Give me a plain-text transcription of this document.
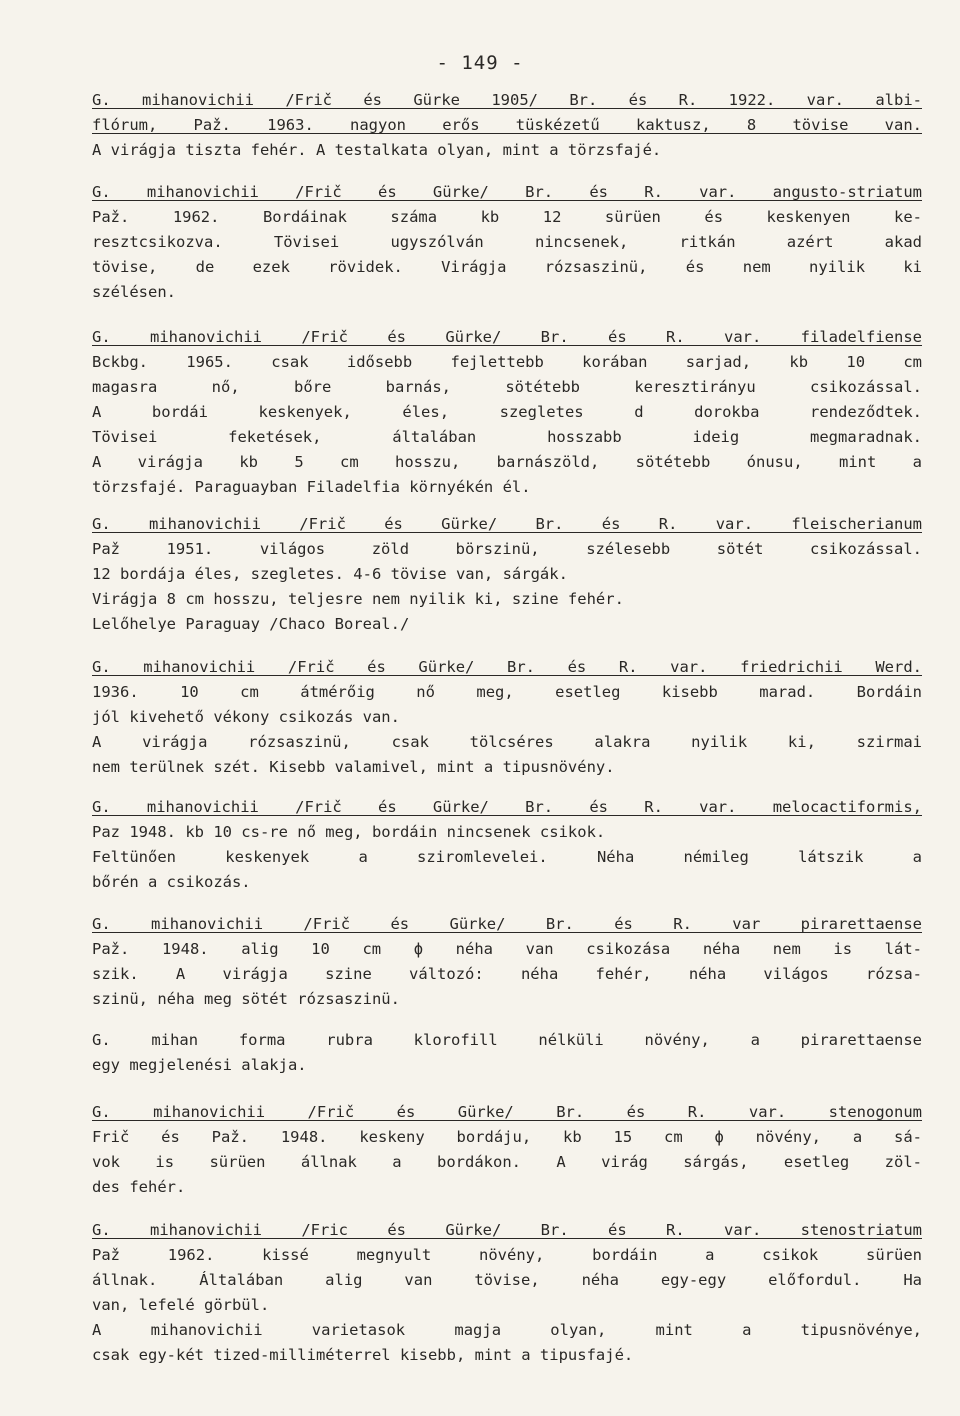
- 149 -
G. mihanovichii /Frič és Gürke 1905/ Br. és R. 1922. var. albi-
flórum, Paž. 1963. nagyon erős tüskézetű kaktusz, 8 tövise van.
A virágja tiszta fehér. A testalkata olyan, mint a törzsfajé.
G. mihanovichii /Frič és Gürke/ Br. és R. var. angusto-striatum
Paž. 1962. Bordáinak száma kb 12 sürüen és keskenyen ke-
resztcsikozva. Tövisei ugyszólván nincsenek, ritkán azért akad
tövise, de ezek rövidek. Virágja rózsaszinü, és nem nyilik ki
szélésen.
G. mihanovichii /Frič és Gürke/ Br. és R. var. filadelfiense
Bckbg. 1965. csak idősebb fejlettebb korában sarjad, kb 10 cm
magasra nő, bőre barnás, sötétebb keresztirányu csikozással.
A bordái keskenyek, éles, szegletes d dorokba rendeződtek.
Tövisei feketések, általában hosszabb ideig megmaradnak.
A virágja kb 5 cm hosszu, barnászöld, sötétebb ónusu, mint a
törzsfajé. Paraguayban Filadelfia környékén él.
G. mihanovichii /Frič és Gürke/ Br. és R. var. fleischerianum
Paž 1951. világos zöld börszinü, szélesebb sötét csikozással.
12 bordája éles, szegletes. 4-6 tövise van, sárgák.
Virágja 8 cm hosszu, teljesre nem nyilik ki, szine fehér.
Lelőhelye Paraguay /Chaco Boreal./
G. mihanovichii /Frič és Gürke/ Br. és R. var. friedrichii Werd.
1936. 10 cm átmérőig nő meg, esetleg kisebb marad. Bordáin
jól kivehető vékony csikozás van.
A virágja rózsaszinü, csak tölcséres alakra nyilik ki, szirmai
nem terülnek szét. Kisebb valamivel, mint a tipusnövény.
G. mihanovichii /Frič és Gürke/ Br. és R. var. melocactiformis,
Paz 1948. kb 10 cs-re nő meg, bordáin nincsenek csikok.
Feltünően keskenyek a sziromlevelei. Néha némileg látszik a
bőrén a csikozás.
G. mihanovichii /Frič és Gürke/ Br. és R. var pirarettaense
Paž. 1948. alig 10 cm ϕ néha van csikozása néha nem is lát-
szik. A virágja szine változó: néha fehér, néha világos rózsa-
szinü, néha meg sötét rózsaszinü.
G. mihan forma rubra klorofill nélküli növény, a pirarettaense
egy megjelenési alakja.
G. mihanovichii /Frič és Gürke/ Br. és R. var. stenogonum
Frič és Paž. 1948. keskeny bordáju, kb 15 cm ϕ növény, a sá-
vok is sürüen állnak a bordákon. A virág sárgás, esetleg zöl-
des fehér.
G. mihanovichii /Fric és Gürke/ Br. és R. var. stenostriatum
Paž 1962. kissé megnyult növény, bordáin a csikok sürüen
állnak. Általában alig van tövise, néha egy-egy előfordul. Ha
van, lefelé görbül.
A mihanovichii varietasok magja olyan, mint a tipusnövénye,
csak egy-két tized-milliméterrel kisebb, mint a tipusfajé.
